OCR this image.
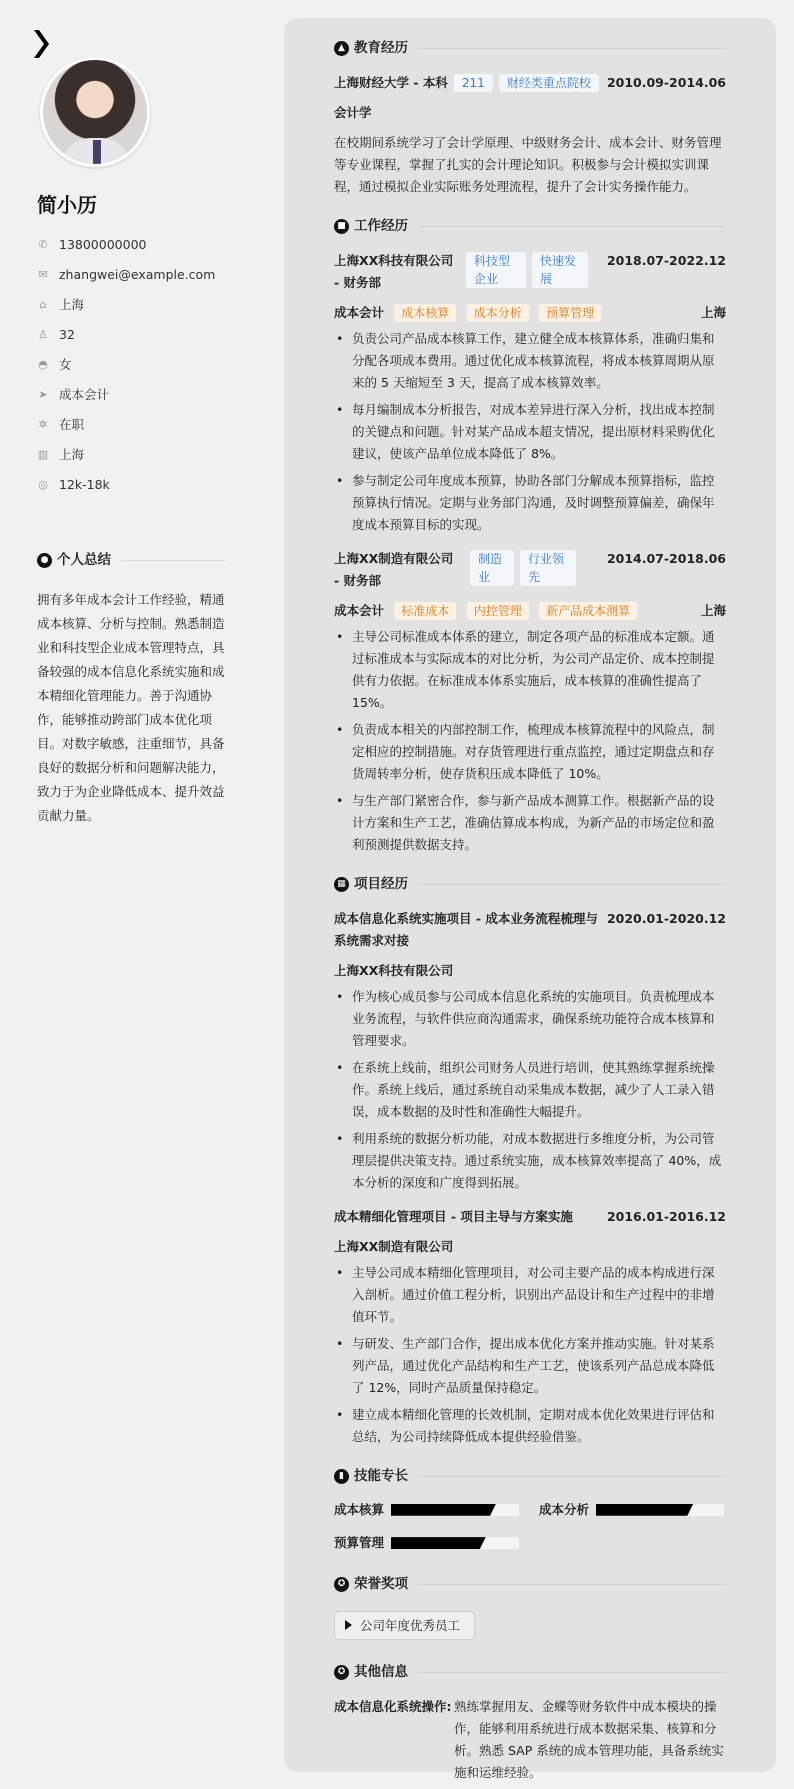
简小历
✆ 13800000000
✉ zhangwei@example.com
⌂ 上海
♙ 32
◓ 女
➤ 成本会计
✲ 在职
▥ 上海
◎ 12k-18k
● 个人总结
拥有多年成本会计工作经验，精通成本核算、分析与控制。熟悉制造业和科技型企业成本管理特点，具备较强的成本信息化系统实施和成本精细化管理能力。善于沟通协作，能够推动跨部门成本优化项目。对数字敏感，注重细节，具备良好的数据分析和问题解决能力，致力于为企业降低成本、提升效益贡献力量。
▲ 教育经历
上海财经大学 - 本科	211	财经类重点院校	2010.09-2014.06
会计学
在校期间系统学习了会计学原理、中级财务会计、成本会计、财务管理等专业课程，掌握了扎实的会计理论知识。积极参与会计模拟实训课程，通过模拟企业实际账务处理流程，提升了会计实务操作能力。
■ 工作经历
上海XX科技有限公司 - 财务部
科技型企业
快速发展
2018.07-2022.12
成本会计 成本核算 成本分析 预算管理	上海
• 负责公司产品成本核算工作，建立健全成本核算体系，准确归集和分配各项成本费用。通过优化成本核算流程，将成本核算周期从原来的 5 天缩短至 3 天，提高了成本核算效率。
• 每月编制成本分析报告，对成本差异进行深入分析，找出成本控制的关键点和问题。针对某产品成本超支情况，提出原材料采购优化建议，使该产品单位成本降低了 8%。
• 参与制定公司年度成本预算，协助各部门分解成本预算指标，监控预算执行情况。定期与业务部门沟通，及时调整预算偏差，确保年度成本预算目标的实现。
上海XX制造有限公司 - 财务部
制造业
行业领先
2014.07-2018.06
成本会计 标准成本 内控管理 新产品成本测算	上海
• 主导公司标准成本体系的建立，制定各项产品的标准成本定额。通过标准成本与实际成本的对比分析，为公司产品定价、成本控制提供有力依据。在标准成本体系实施后，成本核算的准确性提高了 15%。
• 负责成本相关的内部控制工作，梳理成本核算流程中的风险点，制定相应的控制措施。对存货管理进行重点监控，通过定期盘点和存货周转率分析，使存货积压成本降低了 10%。
• 与生产部门紧密合作，参与新产品成本测算工作。根据新产品的设计方案和生产工艺，准确估算成本构成，为新产品的市场定位和盈利预测提供数据支持。
▦ 项目经历
成本信息化系统实施项目 - 成本业务流程梳理与系统需求对接
2020.01-2020.12
上海XX科技有限公司
• 作为核心成员参与公司成本信息化系统的实施项目。负责梳理成本业务流程，与软件供应商沟通需求，确保系统功能符合成本核算和管理要求。
• 在系统上线前，组织公司财务人员进行培训，使其熟练掌握系统操作。系统上线后，通过系统自动采集成本数据，减少了人工录入错误，成本数据的及时性和准确性大幅提升。
• 利用系统的数据分析功能，对成本数据进行多维度分析，为公司管理层提供决策支持。通过系统实施，成本核算效率提高了 40%，成本分析的深度和广度得到拓展。
成本精细化管理项目 - 项目主导与方案实施	2016.01-2016.12
上海XX制造有限公司
• 主导公司成本精细化管理项目，对公司主要产品的成本构成进行深入剖析。通过价值工程分析，识别出产品设计和生产过程中的非增值环节。
• 与研发、生产部门合作，提出成本优化方案并推动实施。针对某系列产品，通过优化产品结构和生产工艺，使该系列产品总成本降低了 12%，同时产品质量保持稳定。
• 建立成本精细化管理的长效机制，定期对成本优化效果进行评估和总结，为公司持续降低成本提供经验借鉴。
▮ 技能专长
成本核算	成本分析
预算管理
✪ 荣誉奖项
公司年度优秀员工
✪ 其他信息
成本信息化系统操作: 熟练掌握用友、金蝶等财务软件中成本模块的操作，能够利用系统进行成本数据采集、核算和分析。熟悉 SAP 系统的成本管理功能，具备系统实施和运维经验。
